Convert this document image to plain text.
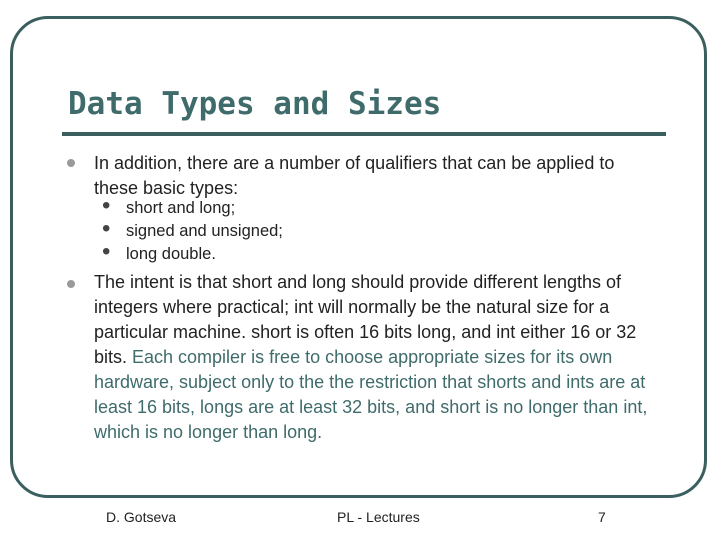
Data Types and Sizes

In addition, there are a number of qualifiers that can be applied to these basic types:

• short and long;
• signed and unsigned;
• long double.

The intent is that short and long should provide different lengths of integers where practical; int will normally be the natural size for a particular machine. short is often 16 bits long, and int either 16 or 32 bits. Each compiler is free to choose appropriate sizes for its own hardware, subject only to the the restriction that shorts and ints are at least 16 bits, longs are at least 32 bits, and short is no longer than int, which is no longer than long.

D. Gotseva	PL - Lectures	7
